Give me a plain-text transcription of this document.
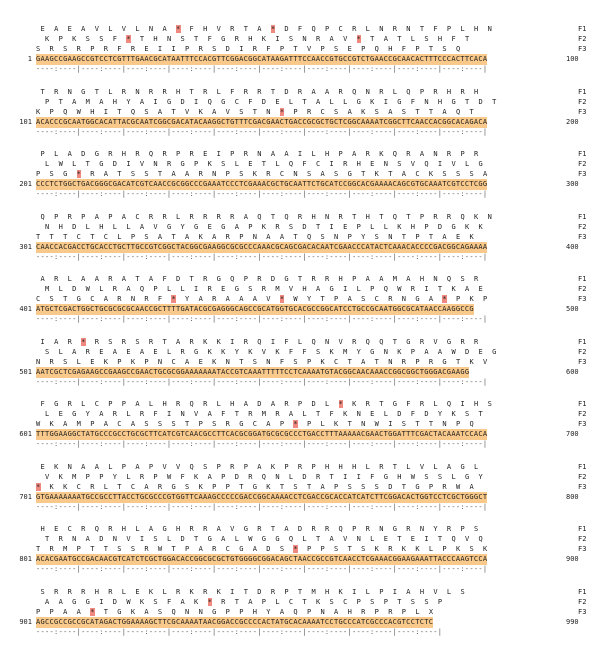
E A E A V L V L N A * F H V R T A * D F Q P C R L N R N T F P L H N	F1
K P K S S F * T H N S T F G R H K I S N R A V * T A T L S H F T	F2
S R S R P R F R E I I P R S D I R F P T V P S E P Q H F P T S Q	F3
1 GAAGCCGAAGCCGTCCTCGTTTGAACGCATAATTTCCACGTTCGGACGGCATAAGATTTCCAACCGTGCCGTCTGAACCGCAACACTTTCCCACTTCACA	100
----:----|----:----|----:----|----:----|----:----|----:----|----:----|----:----|----:----|----:----|
T R N G T L R N R R H T R L F R R T D R A A R Q N R L Q P R H R H	F1
P T A M A H Y A I G D I Q G C F D E L T A L L G K I G F N H G T D T	F2
K P Q W H I T Q S A T V K A V S T N * P R C S A K S A S T T A Q T	F3
101 ACACCCGCAATGGCACATTACGCAATCGGCGACATACAAGGCTGTTTCGACGAACTGACCGCGCTGCTCGGCAAAATCGGCTTCAACCACGGCACAGACA	200
----:----|----:----|----:----|----:----|----:----|----:----|----:----|----:----|----:----|----:----|
P L A D G R H R Q R P R E I P R N A A I L H P A R K Q R A N R P R	F1
L W L T G D I V N R G P K S L E T L Q F C I R H E N S V Q I V L G	F2
P S G * R A T S S T A A R N P S K R C N S A S G T K T A C K S S S A	F3
201 CCCTCTGGCTGACGGGCGACATCGTCAACCGCGGCCCGAAATCCCTCGAAACGCTGCAATTCTGCATCCGGCACGAAAACAGCGTGCAAATCGTCCTCGG	300
----:----|----:----|----:----|----:----|----:----|----:----|----:----|----:----|----:----|----:----|
Q P R P A P A C R R L R R R R A Q T Q R H N R T H T Q T P R R Q K N	F1
N H D L H L L A V G Y G E G A P K R S D T I E P L L K H P D G K K	F2
T T T C T C L P S A T A K A R P N A A T Q S N P Y S N T P T A E K	F3
301 CAACCACGACCTGCACCTGCTTGCCGTCGGCTACGGCGAAGGCGCGCCCAAACGCAGCGACACAATCGAACCCATACTCAAACACCCCGACGGCAGAAAA	400
----:----|----:----|----:----|----:----|----:----|----:----|----:----|----:----|----:----|----:----|
A R L A A R A T A F D T R G Q P R D G T R R H P A A M A H N Q S R	F1
M L D W L R A Q P L L I R E G S R M V H A G I L P Q W R I T K A E	F2
C S T G C A R N R F * Y A R A A A V * W Y T P A S C R N G A * P K P	F3
401 ATGCTCGACTGGCTGCGCGCGCAACCGCTTTTGATACGCGAGGGCAGCCGCATGGTGCACGCCGGCATCCTGCCGCAATGGCGCATAACCAAGGCCG	500
----:----|----:----|----:----|----:----|----:----|----:----|----:----|----:----|----:----|----:----|
I A R * R S R S R T A R K K I R Q I F L Q N V R Q Q T G R V G R R	F1
S L A R E A E A E L R G K K Y K V K F F S K M Y G N K P A A W D E G	F2
N R S L E K P K P N C A E K N T S N F S P K C T A T N R P R G T K V	F3
501 AATCGCTCGAGAAGCCGAAGCCGAACTGCGCGGAAAAAAATACCGTCAAATTTTTCCTCAAAATGTACGGCAACAAACCGGCGGCTGGGACGAAGG	600
----:----|----:----|----:----|----:----|----:----|----:----|----:----|----:----|----:----|----:----|
F G R L C P P A L H R Q R L H A D A R P D L * K R T G F R L Q I H S	F1
L E G Y A R L R F I N V A F T R M R A L T F K N E L D F D Y K S T	F2
W K A M P A C A S S S T P S R G C A P * P L K T N W I S T T N P Q	F3
601 TTTGGAAGGCTATGCCCGCCTGCGCTTCATCGTCAACGCCTTCACGCGGATGCGCGCCCTGACCTTTAAAAACGAACTGGATTTCGACTACAAATCCACA	700
----:----|----:----|----:----|----:----|----:----|----:----|----:----|----:----|----:----|----:----|
E K N A A L P A P V V Q S P R P A K P R P H H H L R T L V L A G L	F1
V K M P P Y L R P W F K A P D R Q N L D R T I I F G H W S S L G Y	F2
* K K C R L T C A R G S K P P T G K T S T A P S S S D T G P R W A	F3
701 GTGAAAAAAATGCCGCCTTACCTGCGCCCGTGGTTCAAAGCCCCCGACCGGCAAAACCTCGACCGCACCATCATCTTCGGACACTGGTCCTCGCTGGGCT	800
----:----|----:----|----:----|----:----|----:----|----:----|----:----|----:----|----:----|----:----|
H E C R Q R H L A G H R R A V G R T A D R R Q P R N G R N Y R P S	F1
T R N A D N V I S L D T G A L W G G Q L T A V N L E T E I T Q V Q	F2
T R M P T T S S R W T P A R C G A D S * P P S T S K R K K L P K S K	F3
801 ACACGAATGCCGACAACGTCATCTCGCTGGACACCGGCGCGCTGTGGGGCGGACAGCTAACCGCCGTCAACCTCGAAACGGAAGAAATTACCCAAGTCCA	900
----:----|----:----|----:----|----:----|----:----|----:----|----:----|----:----|----:----|----:----|
S R R R H R L E K L R K R K I T D R P T M H K I L P I A H V L S	F1
A A G G I D W K S F A K * R T A P L C T K S C P S P T S S P	F2
P P A A * T G K A S Q N N G P P H Y A Q P N A H R P R P L X	F3
901 AGCCGCCGCCGCATAGACTGGAAAAGCTTCGCAAAATAACGGACCGCCCCACTATGCACAAAATCCTGCCCATCGCCCACGTCCTCTC	990
----:----|----:----|----:----|----:----|----:----|----:----|----:----|----:----|----:----|
